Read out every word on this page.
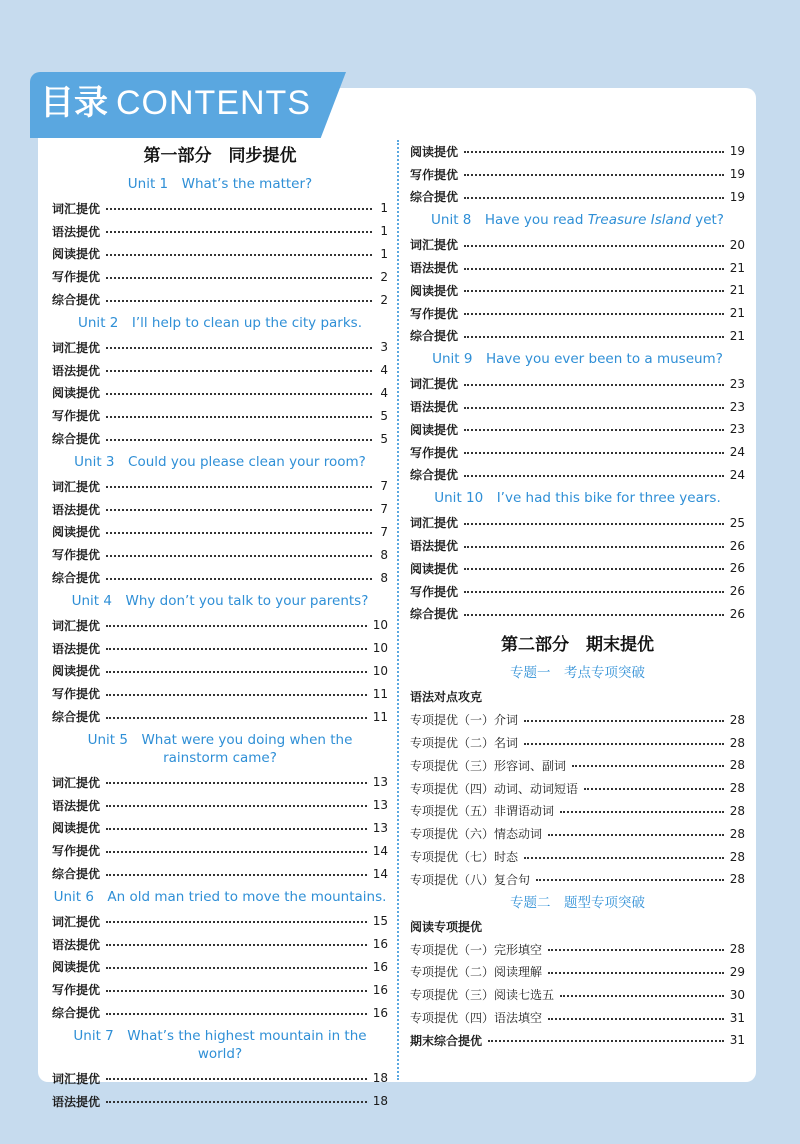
目录 CONTENTS
第一部分　同步提优
Unit 1　What’s the matter?
词汇提优	1
语法提优	1
阅读提优	1
写作提优	2
综合提优	2
Unit 2　I’ll help to clean up the city parks.
词汇提优	3
语法提优	4
阅读提优	4
写作提优	5
综合提优	5
Unit 3　Could you please clean your room?
词汇提优	7
语法提优	7
阅读提优	7
写作提优	8
综合提优	8
Unit 4　Why don’t you talk to your parents?
词汇提优	10
语法提优	10
阅读提优	10
写作提优	11
综合提优	11
Unit 5　What were you doing when the
rainstorm came?
词汇提优	13
语法提优	13
阅读提优	13
写作提优	14
综合提优	14
Unit 6　An old man tried to move the mountains.
词汇提优	15
语法提优	16
阅读提优	16
写作提优	16
综合提优	16
Unit 7　What’s the highest mountain in the world?
词汇提优	18
语法提优	18
阅读提优	19
写作提优	19
综合提优	19
Unit 8　Have you read Treasure Island yet?
词汇提优	20
语法提优	21
阅读提优	21
写作提优	21
综合提优	21
Unit 9　Have you ever been to a museum?
词汇提优	23
语法提优	23
阅读提优	23
写作提优	24
综合提优	24
Unit 10　I’ve had this bike for three years.
词汇提优	25
语法提优	26
阅读提优	26
写作提优	26
综合提优	26
第二部分　期末提优
专题一　考点专项突破
语法对点攻克
专项提优（一）介词	28
专项提优（二）名词	28
专项提优（三）形容词、副词	28
专项提优（四）动词、动词短语	28
专项提优（五）非谓语动词	28
专项提优（六）情态动词	28
专项提优（七）时态	28
专项提优（八）复合句	28
专题二　题型专项突破
阅读专项提优
专项提优（一）完形填空	28
专项提优（二）阅读理解	29
专项提优（三）阅读七选五	30
专项提优（四）语法填空	31
期末综合提优	31
